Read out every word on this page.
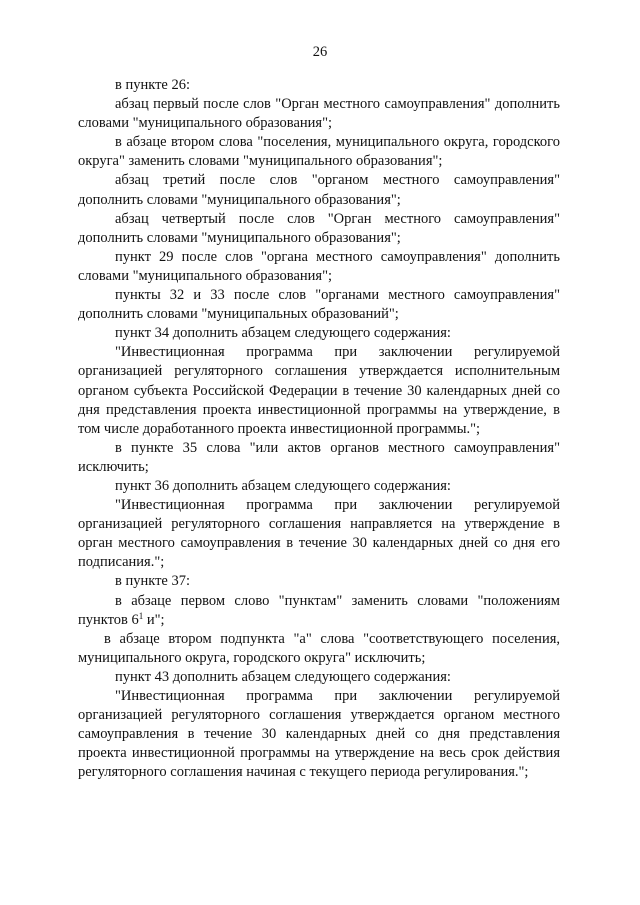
26

в пункте 26:

абзац первый после слов "Орган местного самоуправления" дополнить словами "муниципального образования";

в абзаце втором слова "поселения, муниципального округа, городского округа" заменить словами "муниципального образования";

абзац третий после слов "органом местного самоуправления" дополнить словами "муниципального образования";

абзац четвертый после слов "Орган местного самоуправления" дополнить словами "муниципального образования";

пункт 29 после слов "органа местного самоуправления" дополнить словами "муниципального образования";

пункты 32 и 33 после слов "органами местного самоуправления" дополнить словами "муниципальных образований";

пункт 34 дополнить абзацем следующего содержания:

"Инвестиционная программа при заключении регулируемой организацией регуляторного соглашения утверждается исполнительным органом субъекта Российской Федерации в течение 30 календарных дней со дня представления проекта инвестиционной программы на утверждение, в том числе доработанного проекта инвестиционной программы.";

в пункте 35 слова "или актов органов местного самоуправления" исключить;

пункт 36 дополнить абзацем следующего содержания:

"Инвестиционная программа при заключении регулируемой организацией регуляторного соглашения направляется на утверждение в орган местного самоуправления в течение 30 календарных дней со дня его подписания.";

в пункте 37:

в абзаце первом слово "пунктам" заменить словами "положениям пунктов $6^1$ и";

в абзаце втором подпункта "а" слова "соответствующего поселения, муниципального округа, городского округа" исключить;

пункт 43 дополнить абзацем следующего содержания:

"Инвестиционная программа при заключении регулируемой организацией регуляторного соглашения утверждается органом местного самоуправления в течение 30 календарных дней со дня представления проекта инвестиционной программы на утверждение на весь срок действия регуляторного соглашения начиная с текущего периода регулирования.";
